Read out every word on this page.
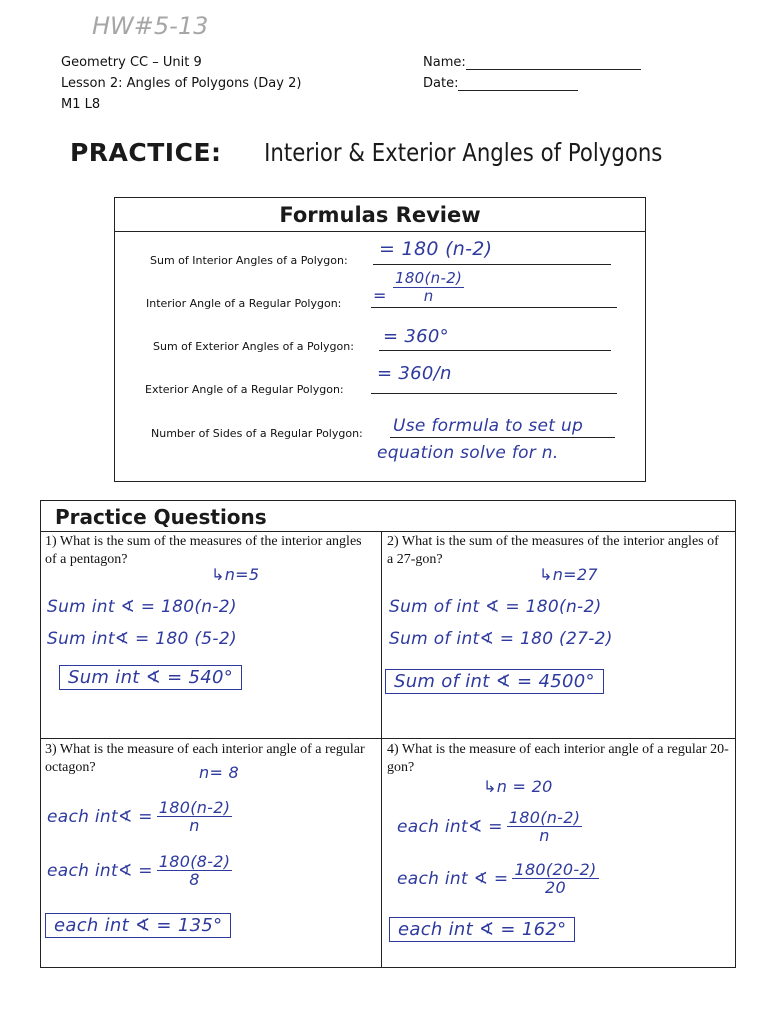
HW#5-13
Geometry CC – Unit 9
Lesson 2: Angles of Polygons (Day 2)
M1 L8
Name:
Date:
PRACTICE: Interior & Exterior Angles of Polygons
Formulas Review
Sum of Interior Angles of a Polygon:
= 180 (n-2)
Interior Angle of a Regular Polygon: = $\frac{180(n-2)}{n}$
Sum of Exterior Angles of a Polygon: = 360°
Exterior Angle of a Regular Polygon:
= 360/n
Number of Sides of a Regular Polygon: Use formula to set up
equation solve for n.
Practice Questions
1) What is the sum of the measures of the interior angles of a pentagon?
↳n=5
Sum int ∢ = 180(n-2)
Sum int∢ = 180 (5-2)
Sum int ∢ = 540°
2) What is the sum of the measures of the interior angles of a 27-gon?
↳n=27
Sum of int ∢ = 180(n-2)
Sum of int∢ = 180 (27-2)
Sum of int ∢ = 4500°
3) What is the measure of each interior angle of a regular octagon?	n= 8
each int∢ = $\frac{180(n-2)}{n}$
each int∢ = $\frac{180(8-2)}{8}$
each int ∢ = 135°
4) What is the measure of each interior angle of a regular 20-gon?
↳n = 20
each int∢ = $\frac{180(n-2)}{n}$
each int ∢ = $\frac{180(20-2)}{20}$
each int ∢ = 162°
